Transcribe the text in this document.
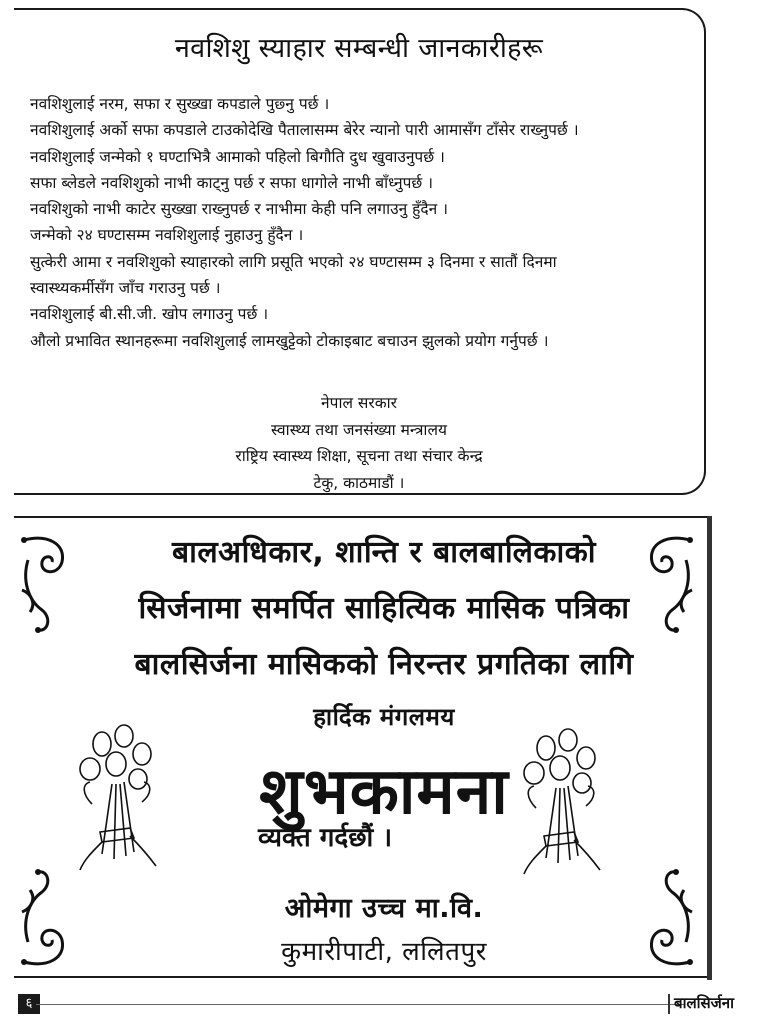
नवशिशु स्याहार सम्बन्धी जानकारीहरू

नवशिशुलाई नरम, सफा र सुख्खा कपडाले पुछ्नु पर्छ ।

नवशिशुलाई अर्को सफा कपडाले टाउकोदेखि पैतालासम्म बेरेर न्यानो पारी आमासँग टाँसेर राख्नुपर्छ ।

नवशिशुलाई जन्मेको १ घण्टाभित्रै आमाको पहिलो बिगौति दुध खुवाउनुपर्छ ।

सफा ब्लेडले नवशिशुको नाभी काट्नु पर्छ र सफा धागोले नाभी बाँध्नुपर्छ ।

नवशिशुको नाभी काटेर सुख्खा राख्नुपर्छ र नाभीमा केही पनि लगाउनु हुँदैन ।

जन्मेको २४ घण्टासम्म नवशिशुलाई नुहाउनु हुँदैन ।

सुत्केरी आमा र नवशिशुको स्याहारको लागि प्रसूति भएको २४ घण्टासम्म ३ दिनमा र सातौं दिनमा

स्वास्थ्यकर्मीसँग जाँच गराउनु पर्छ ।

नवशिशुलाई बी.सी.जी. खोप लगाउनु पर्छ ।

औलो प्रभावित स्थानहरूमा नवशिशुलाई लामखुट्टेको टोकाइबाट बचाउन झुलको प्रयोग गर्नुपर्छ ।

नेपाल सरकार

स्वास्थ्य तथा जनसंख्या मन्त्रालय

राष्ट्रिय स्वास्थ्य शिक्षा, सूचना तथा संचार केन्द्र

टेकु, काठमाडौं ।

बालअधिकार, शान्ति र बालबालिकाको

सिर्जनामा समर्पित साहित्यिक मासिक पत्रिका

बालसिर्जना मासिकको निरन्तर प्रगतिका लागि

हार्दिक मंगलमय

शुभकामना

व्यक्त गर्दछौं ।

ओमेगा उच्च मा.वि.

कुमारीपाटी, ललितपुर

६	बालसिर्जना
